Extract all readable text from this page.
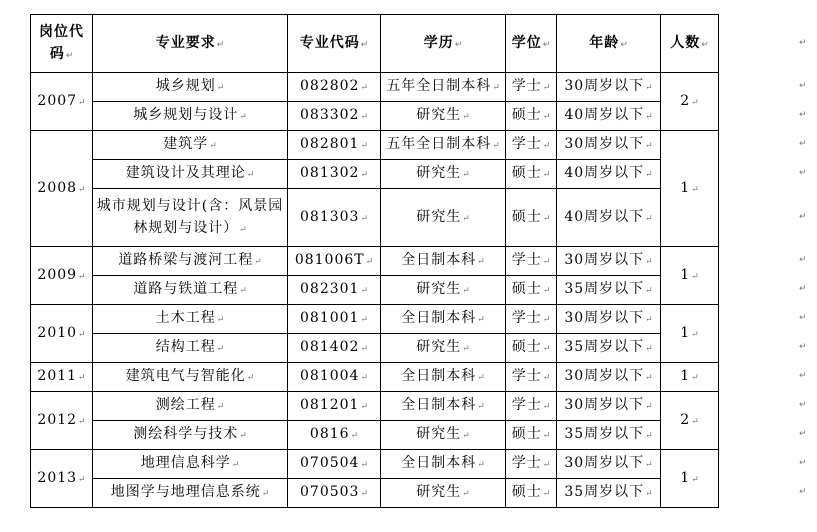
岗位代码↵	专业要求↵	专业代码↵	学历↵	学位↵	年龄↵	人数↵
2007↵	城乡规划↵	082802↵	五年全日制本科↵	学士↵	30周岁以下↵	2↵
	城乡规划与设计↵	083302↵	研究生↵	硕士↵	40周岁以下↵	
2008↵	建筑学↵	082801↵	五年全日制本科↵	学士↵	30周岁以下↵	1↵
	建筑设计及其理论↵	081302↵	研究生↵	硕士↵	40周岁以下↵	
	城市规划与设计(含：风景园林规划与设计）↵	081303↵	研究生↵	硕士↵	40周岁以下↵	
2009↵	道路桥梁与渡河工程↵	081006T↵	全日制本科↵	学士↵	30周岁以下↵	1↵
	道路与铁道工程↵	082301↵	研究生↵	硕士↵	35周岁以下↵	
2010↵	土木工程↵	081001↵	全日制本科↵	学士↵	30周岁以下↵	1↵
	结构工程↵	081402↵	研究生↵	硕士↵	35周岁以下↵	
2011↵	建筑电气与智能化↵	081004↵	全日制本科↵	学士↵	30周岁以下↵	1↵
2012↵	测绘工程↵	081201↵	全日制本科↵	学士↵	30周岁以下↵	2↵
	测绘科学与技术↵	0816↵	研究生↵	硕士↵	35周岁以下↵	
2013↵	地理信息科学↵	070504↵	全日制本科↵	学士↵	30周岁以下↵	1↵
	地图学与地理信息系统↵	070503↵	研究生↵	硕士↵	35周岁以下↵	
↵
↵
↵
↵
↵
↵
↵
↵
↵
↵
↵
↵
↵
↵
↵
